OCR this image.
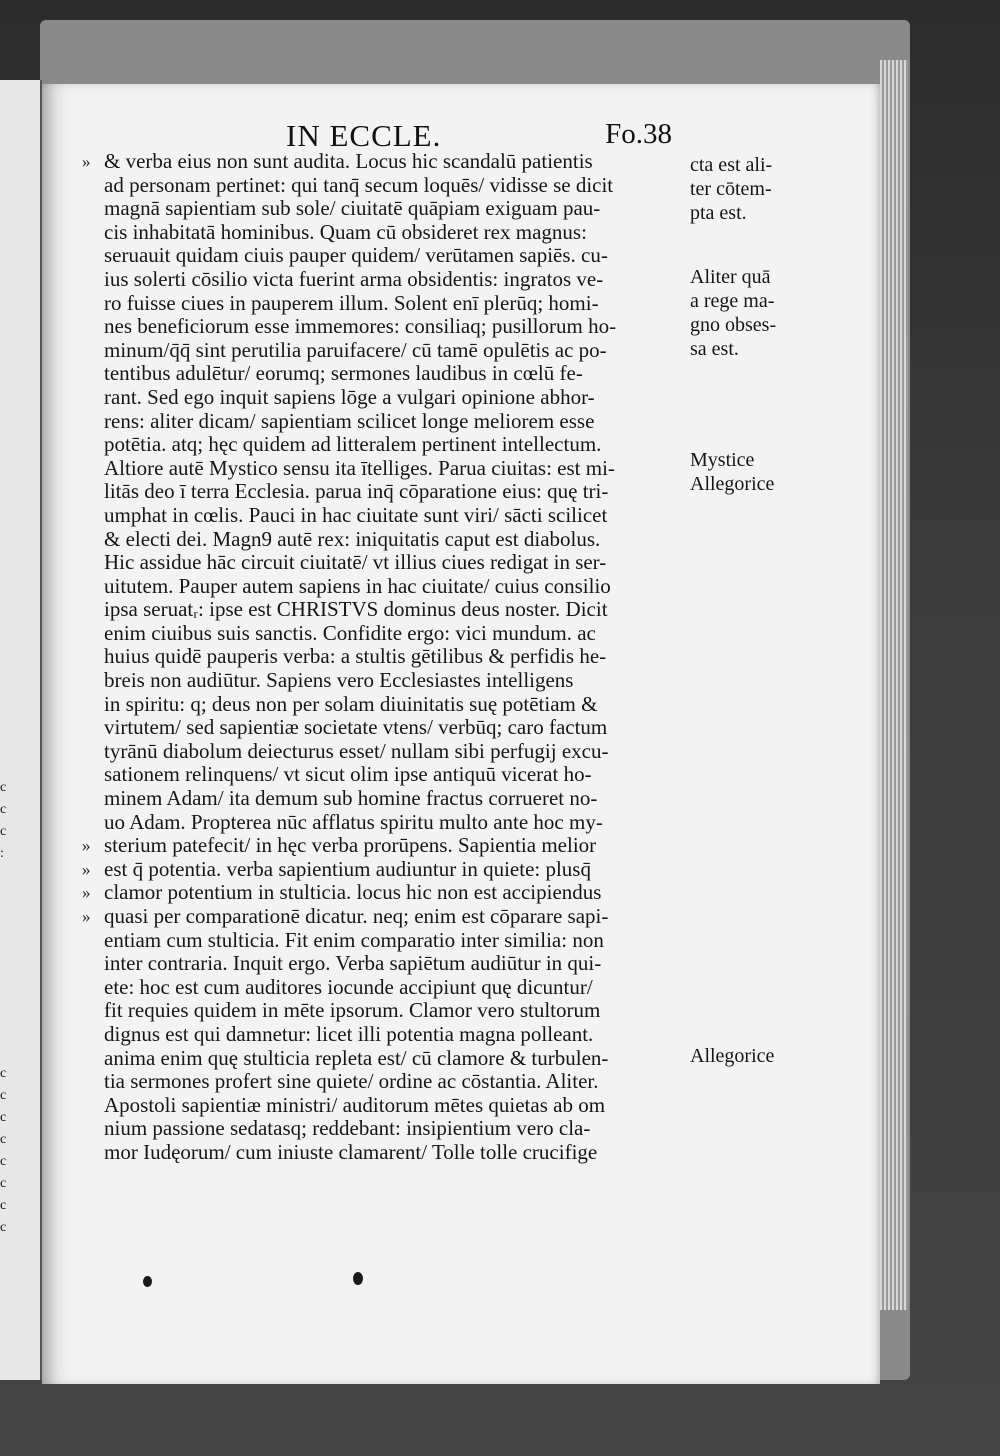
c
c
c
:
c
c
c
c
c
c
c
c
IN ECCLE.	Fo.38
» & verba eius non sunt audita. Locus hic scandalū patientis
ad personam pertinet: qui tanq̄ secum loquēs/ vidisse se dicit
magnā sapientiam sub sole/ ciuitatē quāpiam exiguam pau-
cis inhabitatā hominibus. Quam cū obsideret rex magnus:
seruauit quidam ciuis pauper quidem/ verūtamen sapiēs. cu-
ius solerti cōsilio victa fuerint arma obsidentis: ingratos ve-
ro fuisse ciues in pauperem illum. Solent enī plerūq; homi-
nes beneficiorum esse immemores: consiliaq; pusillorum ho-
minum/q̄q̄ sint perutilia paruifacere/ cū tamē opulētis ac po-
tentibus adulētur/ eorumq; sermones laudibus in cœlū fe-
rant. Sed ego inquit sapiens lōge a vulgari opinione abhor-
rens: aliter dicam/ sapientiam scilicet longe meliorem esse
potētia. atq; hęc quidem ad litteralem pertinent intellectum.
Altiore autē Mystico sensu ita ītelliges. Parua ciuitas: est mi-
litās deo ī terra Ecclesia. parua inq̄ cōparatione eius: quę tri-
umphat in cœlis. Pauci in hac ciuitate sunt viri/ sācti scilicet
& electi dei. Magn9 autē rex: iniquitatis caput est diabolus.
Hic assidue hāc circuit ciuitatē/ vt illius ciues redigat in ser-
uitutem. Pauper autem sapiens in hac ciuitate/ cuius consilio
ipsa seruatᵣ: ipse est CHRISTVS dominus deus noster. Dicit
enim ciuibus suis sanctis. Confidite ergo: vici mundum. ac
huius quidē pauperis verba: a stultis gētilibus & perfidis he-
breis non audiūtur. Sapiens vero Ecclesiastes intelligens
in spiritu: q; deus non per solam diuinitatis suę potētiam &
virtutem/ sed sapientiæ societate vtens/ verbūq; caro factum
tyrānū diabolum deiecturus esset/ nullam sibi perfugij excu-
sationem relinquens/ vt sicut olim ipse antiquū vicerat ho-
minem Adam/ ita demum sub homine fractus corrueret no-
uo Adam. Propterea nūc afflatus spiritu multo ante hoc my-
» sterium patefecit/ in hęc verba prorūpens. Sapientia melior
» est q̄ potentia. verba sapientium audiuntur in quiete: plusq̄
» clamor potentium in stulticia. locus hic non est accipiendus
» quasi per comparationē dicatur. neq; enim est cōparare sapi-
entiam cum stulticia. Fit enim comparatio inter similia: non
inter contraria. Inquit ergo. Verba sapiētum audiūtur in qui-
ete: hoc est cum auditores iocunde accipiunt quę dicuntur/
fit requies quidem in mēte ipsorum. Clamor vero stultorum
dignus est qui damnetur: licet illi potentia magna polleant.
anima enim quę stulticia repleta est/ cū clamore & turbulen-
tia sermones profert sine quiete/ ordine ac cōstantia. Aliter.
Apostoli sapientiæ ministri/ auditorum mētes quietas ab om
nium passione sedatasq; reddebant: insipientium vero cla-
mor Iudęorum/ cum iniuste clamarent/ Tolle tolle crucifige
cta est ali-
ter cōtem-
pta est.
Aliter quā
a rege ma-
gno obses-
sa est.
Mystice
Allegorice
Allegorice
